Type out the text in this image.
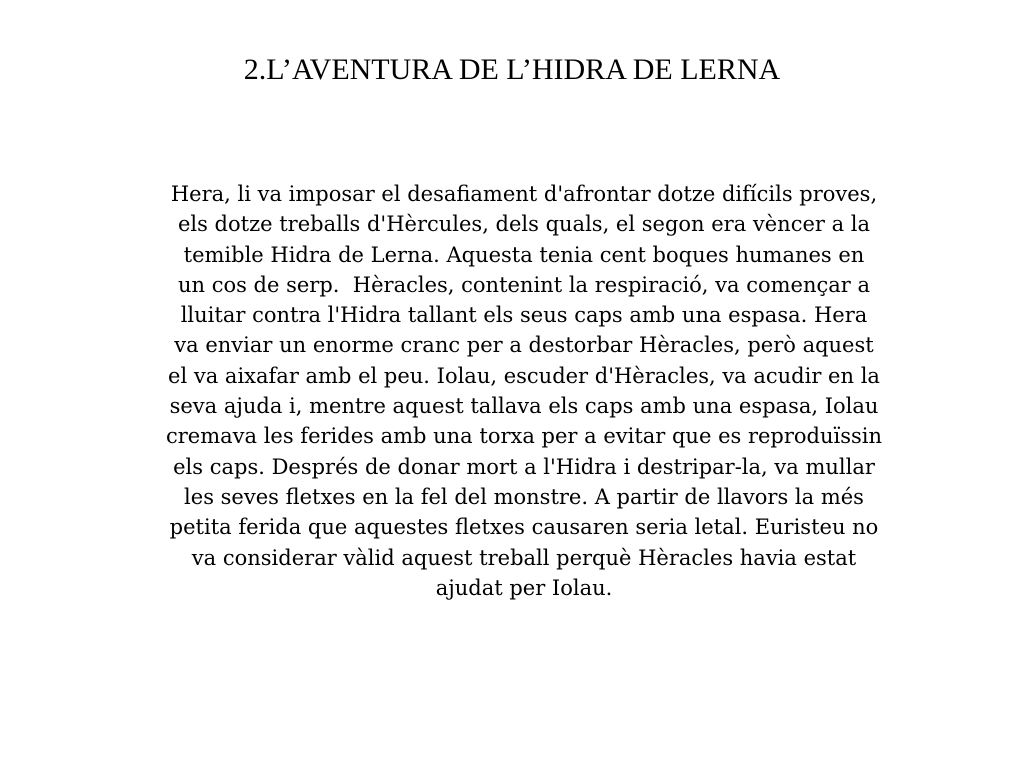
2.L’AVENTURA DE L’HIDRA DE LERNA
Hera, li va imposar el desafiament d'afrontar dotze difícils proves,
els dotze treballs d'Hèrcules, dels quals, el segon era vèncer a la
temible Hidra de Lerna. Aquesta tenia cent boques humanes en
un cos de serp.  Hèracles, contenint la respiració, va començar a
lluitar contra l'Hidra tallant els seus caps amb una espasa. Hera
va enviar un enorme cranc per a destorbar Hèracles, però aquest
el va aixafar amb el peu. Iolau, escuder d'Hèracles, va acudir en la
seva ajuda i, mentre aquest tallava els caps amb una espasa, Iolau
cremava les ferides amb una torxa per a evitar que es reproduïssin
els caps. Després de donar mort a l'Hidra i destripar-la, va mullar
les seves fletxes en la fel del monstre. A partir de llavors la més
petita ferida que aquestes fletxes causaren seria letal. Euristeu no
va considerar vàlid aquest treball perquè Hèracles havia estat
ajudat per Iolau.
